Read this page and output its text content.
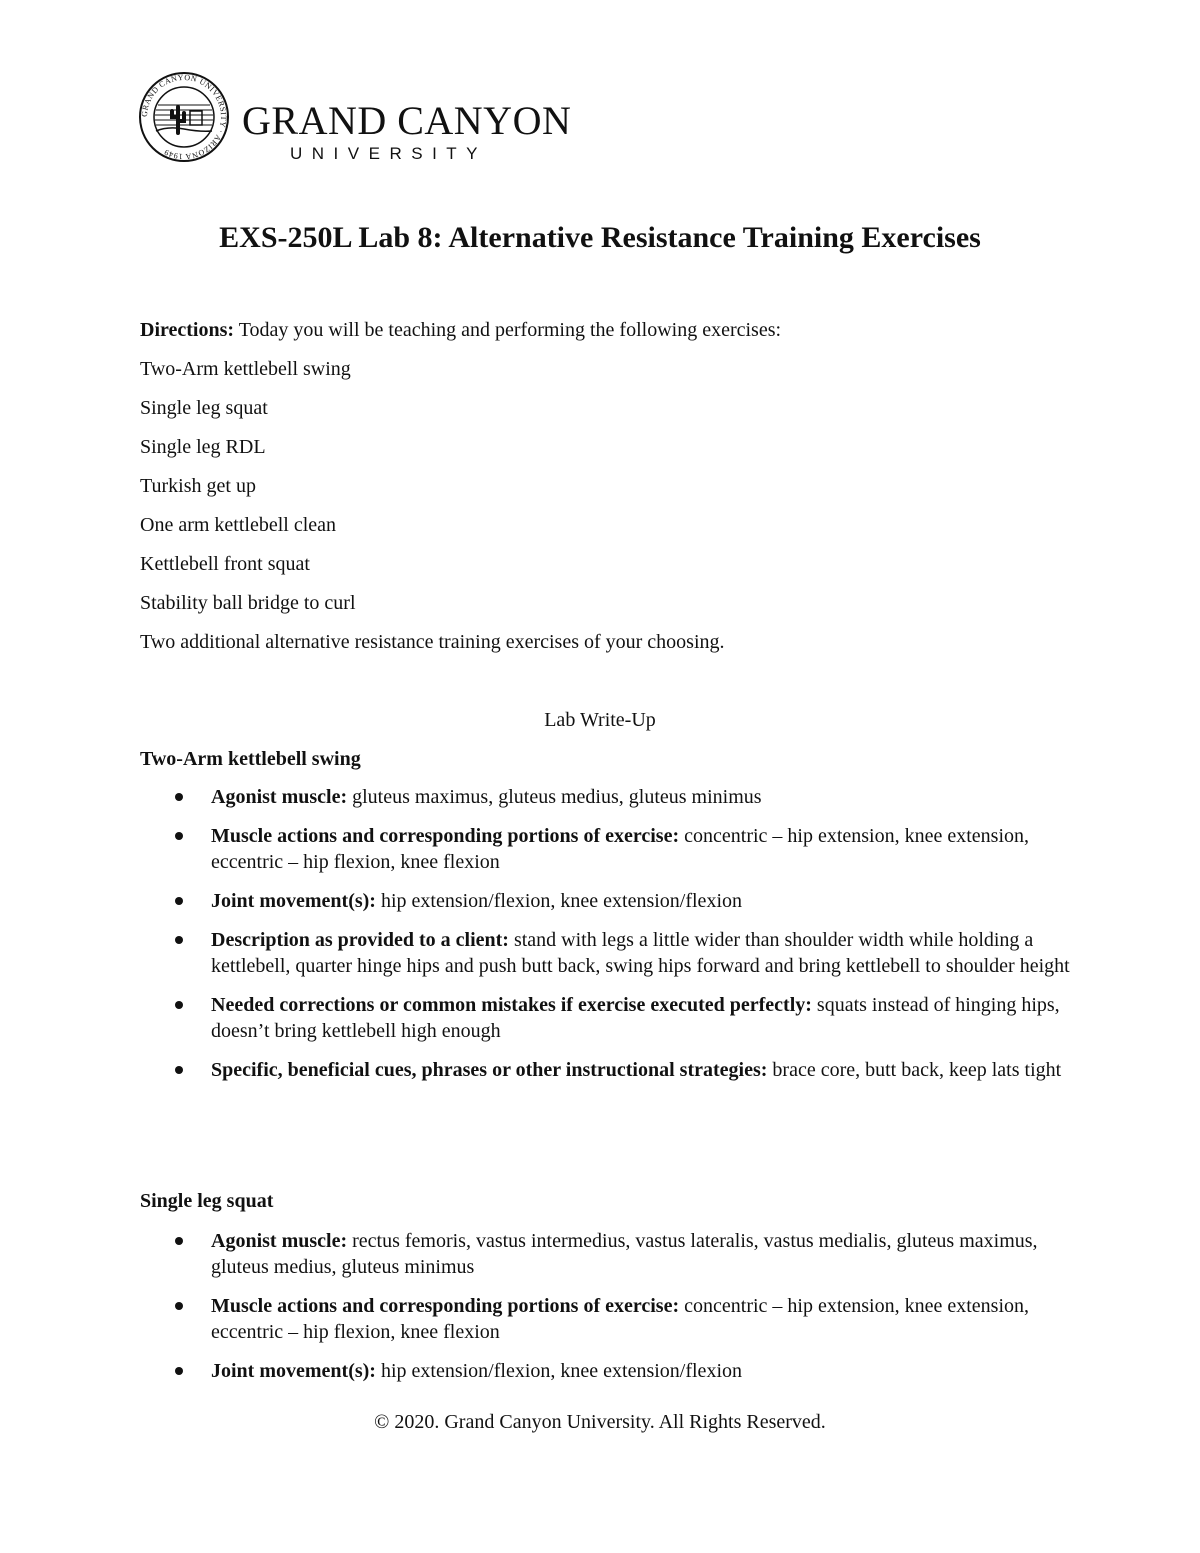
GRAND CANYON UNIVERSITY · ARIZONA 1949
GRAND CANYON
UNIVERSITY
EXS-250L Lab 8: Alternative Resistance Training Exercises
Directions: Today you will be teaching and performing the following exercises:
Two-Arm kettlebell swing
Single leg squat
Single leg RDL
Turkish get up
One arm kettlebell clean
Kettlebell front squat
Stability ball bridge to curl
Two additional alternative resistance training exercises of your choosing.
Lab Write-Up
Two-Arm kettlebell swing
Agonist muscle: gluteus maximus, gluteus medius, gluteus minimus
Muscle actions and corresponding portions of exercise: concentric – hip extension, knee extension, eccentric – hip flexion, knee flexion
Joint movement(s): hip extension/flexion, knee extension/flexion
Description as provided to a client: stand with legs a little wider than shoulder width while holding a kettlebell, quarter hinge hips and push butt back, swing hips forward and bring kettlebell to shoulder height
Needed corrections or common mistakes if exercise executed perfectly: squats instead of hinging hips, doesn’t bring kettlebell high enough
Specific, beneficial cues, phrases or other instructional strategies: brace core, butt back, keep lats tight
Single leg squat
Agonist muscle: rectus femoris, vastus intermedius, vastus lateralis, vastus medialis, gluteus maximus, gluteus medius, gluteus minimus
Muscle actions and corresponding portions of exercise: concentric – hip extension, knee extension, eccentric – hip flexion, knee flexion
Joint movement(s): hip extension/flexion, knee extension/flexion
© 2020. Grand Canyon University. All Rights Reserved.
